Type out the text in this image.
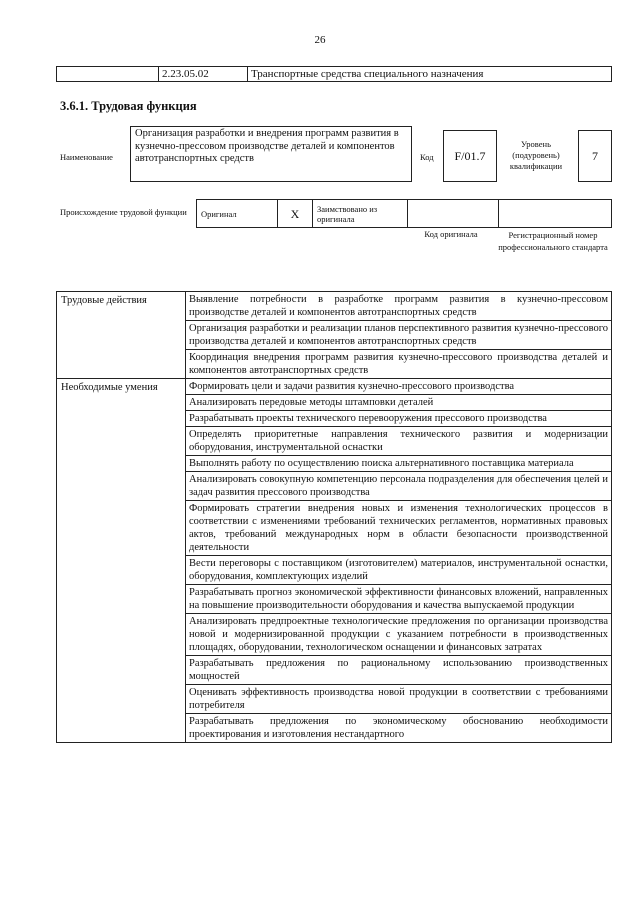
26
	2.23.05.02	Транспортные средства специального назначения
3.6.1. Трудовая функция
Наименование
Организация разработки и внедрения программ развития в кузнечно-прессовом производстве деталей и компонентов автотранспортных средств	Код	F/01.7
Уровень (подуровень) квалификации
7
Происхождение трудовой функции	Оригинал	X	Заимствовано из оригинала		
Код оригинала	Регистрационный номер профессионального стандарта
Трудовые действия	Выявление потребности в разработке программ развития в кузнечно-прессовом производстве деталей и компонентов автотранспортных средств
	Организация разработки и реализации планов перспективного развития кузнечно-прессового производства деталей и компонентов автотранспортных средств
	Координация внедрения программ развития кузнечно-прессового производства деталей и компонентов автотранспортных средств
Необходимые умения	Формировать цели и задачи развития кузнечно-прессового производства
	Анализировать передовые методы штамповки деталей
	Разрабатывать проекты технического перевооружения прессового производства
	Определять приоритетные направления технического развития и модернизации оборудования, инструментальной оснастки
	Выполнять работу по осуществлению поиска альтернативного поставщика материала
	Анализировать совокупную компетенцию персонала подразделения для обеспечения целей и задач развития прессового производства
	Формировать стратегии внедрения новых и изменения технологических процессов в соответствии с изменениями требований технических регламентов, нормативных правовых актов, требований международных норм в области безопасности производственной деятельности
	Вести переговоры с поставщиком (изготовителем) материалов, инструментальной оснастки, оборудования, комплектующих изделий
	Разрабатывать прогноз экономической эффективности финансовых вложений, направленных на повышение производительности оборудования и качества выпускаемой продукции
	Анализировать предпроектные технологические предложения по организации производства новой и модернизированной продукции с указанием потребности в производственных площадях, оборудовании, технологическом оснащении и финансовых затратах
	Разрабатывать предложения по рациональному использованию производственных мощностей
	Оценивать эффективность производства новой продукции в соответствии с требованиями потребителя
	Разрабатывать предложения по экономическому обоснованию необходимости проектирования и изготовления нестандартного
